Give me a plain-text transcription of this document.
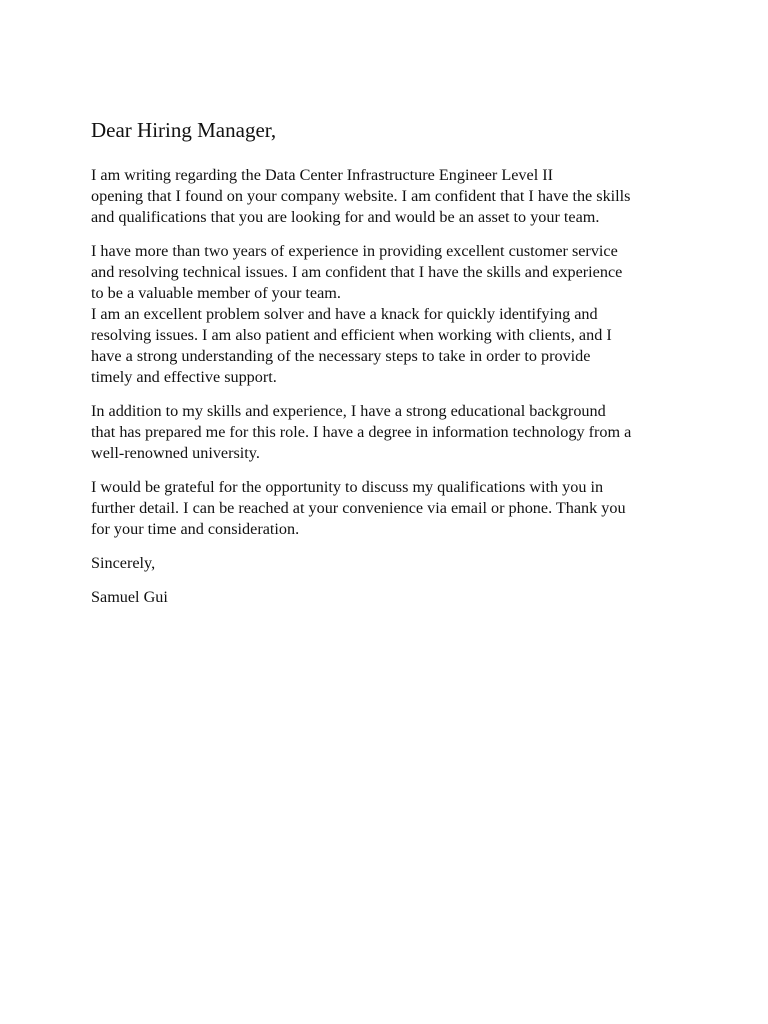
Dear Hiring Manager,
I am writing regarding the Data Center Infrastructure Engineer Level II
opening that I found on your company website. I am confident that I have the skills
and qualifications that you are looking for and would be an asset to your team.
I have more than two years of experience in providing excellent customer service
and resolving technical issues. I am confident that I have the skills and experience
to be a valuable member of your team.
I am an excellent problem solver and have a knack for quickly identifying and
resolving issues. I am also patient and efficient when working with clients, and I
have a strong understanding of the necessary steps to take in order to provide
timely and effective support.
In addition to my skills and experience, I have a strong educational background
that has prepared me for this role. I have a degree in information technology from a
well-renowned university.
I would be grateful for the opportunity to discuss my qualifications with you in
further detail. I can be reached at your convenience via email or phone. Thank you
for your time and consideration.
Sincerely,
Samuel Gui
